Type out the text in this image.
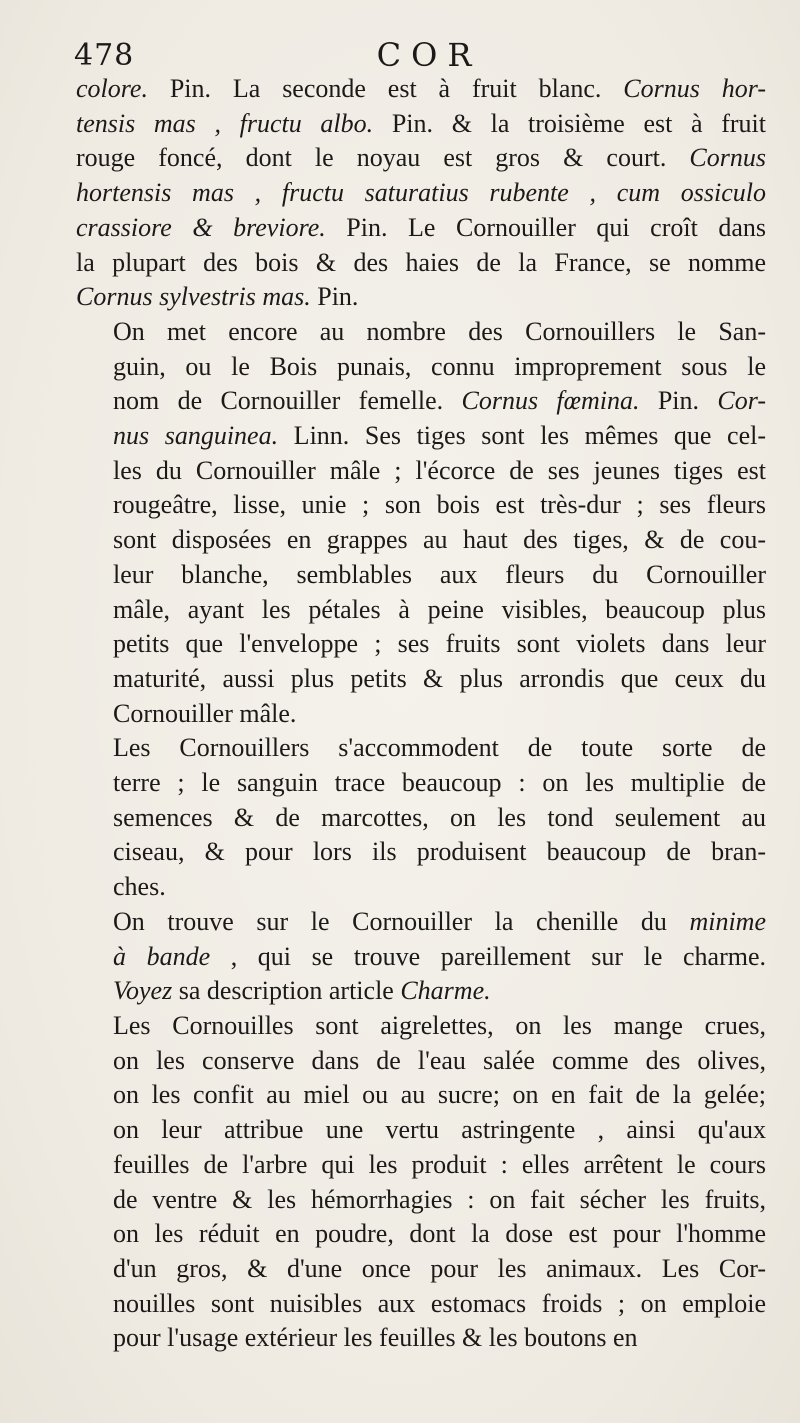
478	COR
colore. Pin. La seconde est à fruit blanc. Cornus hor-
tensis mas , fructu albo. Pin. & la troisième est à fruit
rouge foncé, dont le noyau est gros & court. Cornus
hortensis mas , fructu saturatius rubente , cum ossiculo
crassiore & breviore. Pin. Le Cornouiller qui croît dans
la plupart des bois & des haies de la France, se nomme
Cornus sylvestris mas. Pin.
On met encore au nombre des Cornouillers le San-
guin, ou le Bois punais, connu improprement sous le
nom de Cornouiller femelle. Cornus fœmina. Pin. Cor-
nus sanguinea. Linn. Ses tiges sont les mêmes que cel-
les du Cornouiller mâle ; l'écorce de ses jeunes tiges est
rougeâtre, lisse, unie ; son bois est très-dur ; ses fleurs
sont disposées en grappes au haut des tiges, & de cou-
leur blanche, semblables aux fleurs du Cornouiller
mâle, ayant les pétales à peine visibles, beaucoup plus
petits que l'enveloppe ; ses fruits sont violets dans leur
maturité, aussi plus petits & plus arrondis que ceux du
Cornouiller mâle.
Les Cornouillers s'accommodent de toute sorte de
terre ; le sanguin trace beaucoup : on les multiplie de
semences & de marcottes, on les tond seulement au
ciseau, & pour lors ils produisent beaucoup de bran-
ches.
On trouve sur le Cornouiller la chenille du minime
à bande , qui se trouve pareillement sur le charme.
Voyez sa description article Charme.
Les Cornouilles sont aigrelettes, on les mange crues,
on les conserve dans de l'eau salée comme des olives,
on les confit au miel ou au sucre; on en fait de la gelée;
on leur attribue une vertu astringente , ainsi qu'aux
feuilles de l'arbre qui les produit : elles arrêtent le cours
de ventre & les hémorrhagies : on fait sécher les fruits,
on les réduit en poudre, dont la dose est pour l'homme
d'un gros, & d'une once pour les animaux. Les Cor-
nouilles sont nuisibles aux estomacs froids ; on emploie
pour l'usage extérieur les feuilles & les boutons en
